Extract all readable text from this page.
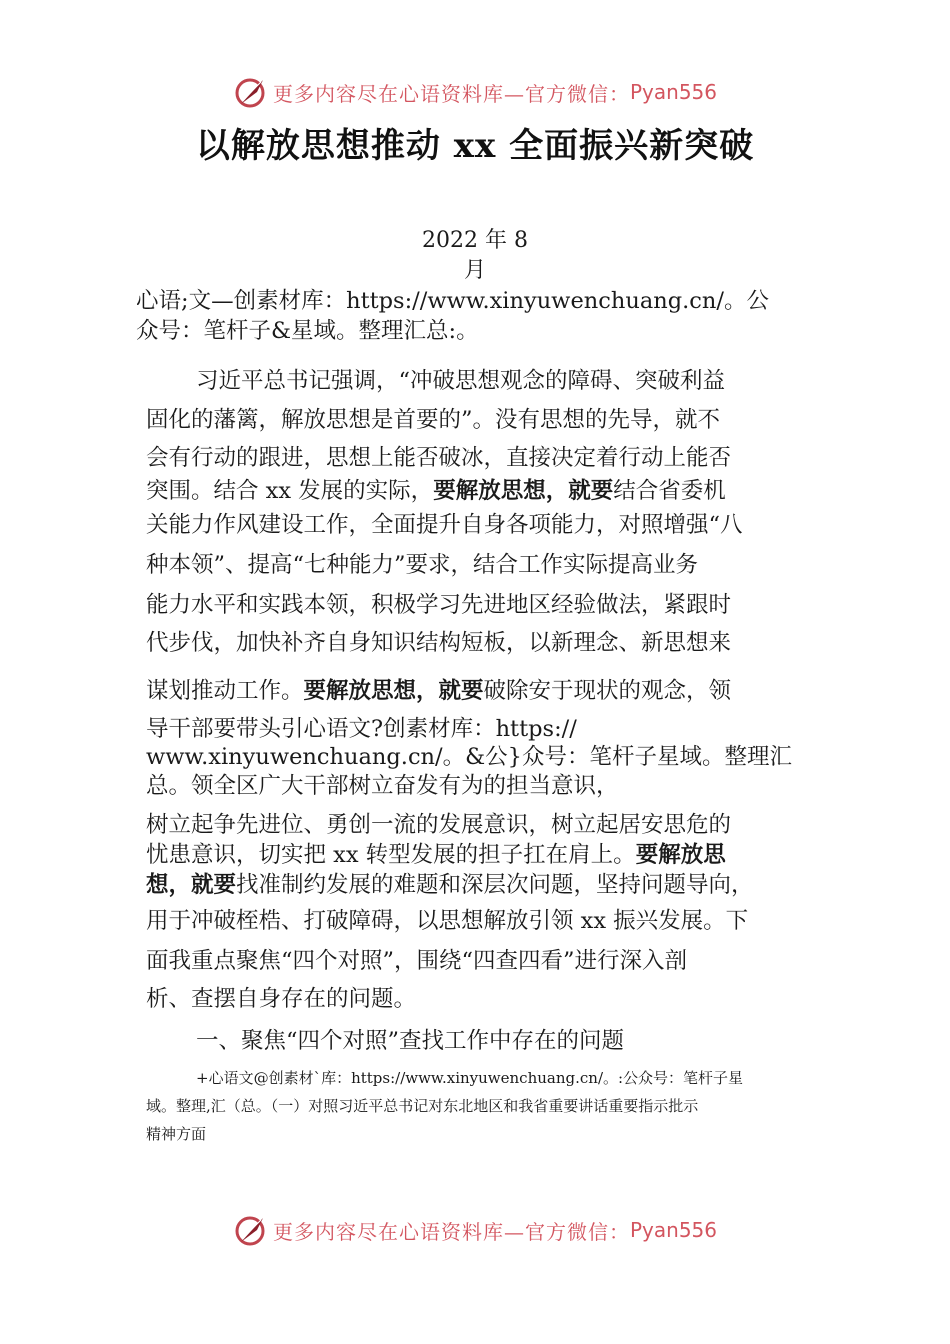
更多内容尽在心语资料库—官方微信： Pyan556
以解放思想推动 xx 全面振兴新突破
2022 年 8
月
心语;文—创素材库：https://www.xinyuwenchuang.cn/。公
众号：笔杆子&星域。整理汇总:。
习近平总书记强调，“冲破思想观念的障碍、突破利益
固化的藩篱，解放思想是首要的”。没有思想的先导，就不
会有行动的跟进，思想上能否破冰，直接决定着行动上能否
突围。结合 xx 发展的实际，要解放思想，就要结合省委机
关能力作风建设工作，全面提升自身各项能力，对照增强“八
种本领”、提高“七种能力”要求，结合工作实际提高业务
能力水平和实践本领，积极学习先进地区经验做法，紧跟时
代步伐，加快补齐自身知识结构短板，以新理念、新思想来
谋划推动工作。要解放思想，就要破除安于现状的观念，领
导干部要带头引心语文?创素材库：https://
www.xinyuwenchuang.cn/。&公}众号：笔杆子星域。整理汇
总。领全区广大干部树立奋发有为的担当意识，
树立起争先进位、勇创一流的发展意识，树立起居安思危的
忧患意识，切实把 xx 转型发展的担子扛在肩上。要解放思
想，就要找准制约发展的难题和深层次问题，坚持问题导向，
用于冲破桎梏、打破障碍，以思想解放引领 xx 振兴发展。下
面我重点聚焦“四个对照”，围绕“四查四看”进行深入剖
析、查摆自身存在的问题。
一、聚焦“四个对照”查找工作中存在的问题
+心语文@创素材`库：https://www.xinyuwenchuang.cn/。:公众号：笔杆子星
域。整理,汇（总。（一）对照习近平总书记对东北地区和我省重要讲话重要指示批示
精神方面
更多内容尽在心语资料库—官方微信： Pyan556
